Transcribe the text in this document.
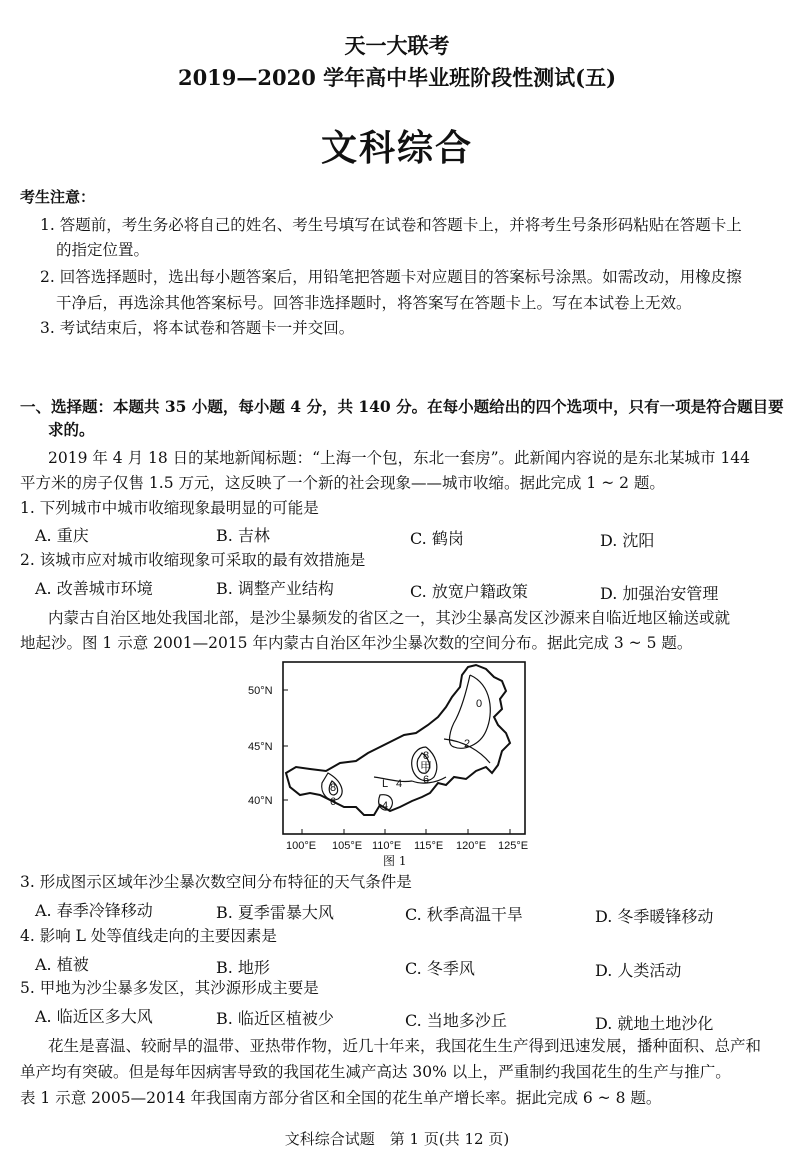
天一大联考
2019—2020 学年高中毕业班阶段性测试(五)
文科综合
考生注意：
1. 答题前，考生务必将自己的姓名、考生号填写在试卷和答题卡上，并将考生号条形码粘贴在答题卡上
的指定位置。
2. 回答选择题时，选出每小题答案后，用铅笔把答题卡对应题目的答案标号涂黑。如需改动，用橡皮擦
干净后，再选涂其他答案标号。回答非选择题时，将答案写在答题卡上。写在本试卷上无效。
3. 考试结束后，将本试卷和答题卡一并交回。
一、选择题：本题共 35 小题，每小题 4 分，共 140 分。在每小题给出的四个选项中，只有一项是符合题目要
求的。
2019 年 4 月 18 日的某地新闻标题：“上海一个包，东北一套房”。此新闻内容说的是东北某城市 144
平方米的房子仅售 1.5 万元，这反映了一个新的社会现象——城市收缩。据此完成 1 ~ 2 题。
1. 下列城市中城市收缩现象最明显的可能是
A. 重庆	B. 吉林	C. 鹤岗	D. 沈阳
2. 该城市应对城市收缩现象可采取的最有效措施是
A. 改善城市环境	B. 调整产业结构	C. 放宽户籍政策	D. 加强治安管理
内蒙古自治区地处我国北部，是沙尘暴频发的省区之一，其沙尘暴高发区沙源来自临近地区输送或就
地起沙。图 1 示意 2001—2015 年内蒙古自治区年沙尘暴次数的空间分布。据此完成 3 ~ 5 题。
0
2
8
6
4
8
6	4
甲
L
50°N
45°N
40°N
100°E 105°E 110°E 115°E 120°E 125°E
图 1
3. 形成图示区域年沙尘暴次数空间分布特征的天气条件是
A. 春季冷锋移动	B. 夏季雷暴大风	C. 秋季高温干旱	D. 冬季暖锋移动
4. 影响 L 处等值线走向的主要因素是
A. 植被	B. 地形	C. 冬季风	D. 人类活动
5. 甲地为沙尘暴多发区，其沙源形成主要是
A. 临近区多大风	B. 临近区植被少	C. 当地多沙丘	D. 就地土地沙化
花生是喜温、较耐旱的温带、亚热带作物，近几十年来，我国花生生产得到迅速发展，播种面积、总产和
单产均有突破。但是每年因病害导致的我国花生减产高达 30% 以上，严重制约我国花生的生产与推广。
表 1 示意 2005—2014 年我国南方部分省区和全国的花生单产增长率。据此完成 6 ~ 8 题。
文科综合试题　第 1 页(共 12 页)
